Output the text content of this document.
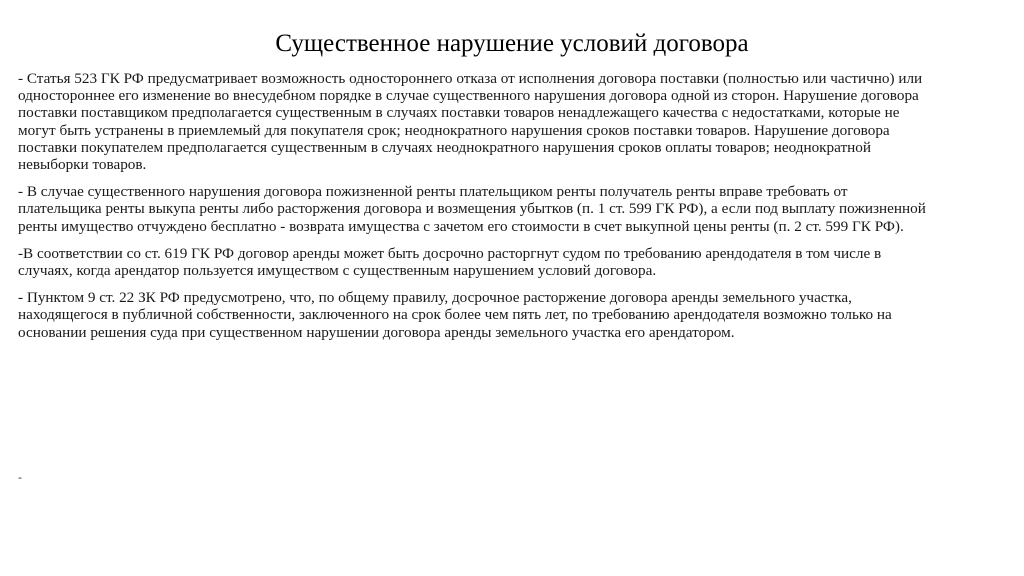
Существенное нарушение условий договора

- Статья 523 ГК РФ предусматривает возможность одностороннего отказа от исполнения договора поставки (полностью или частично) или одностороннее его изменение во внесудебном порядке в случае существенного нарушения договора одной из сторон. Нарушение договора поставки поставщиком предполагается существенным в случаях поставки товаров ненадлежащего качества с недостатками, которые не могут быть устранены в приемлемый для покупателя срок; неоднократного нарушения сроков поставки товаров. Нарушение договора поставки покупателем предполагается существенным в случаях неоднократного нарушения сроков оплаты товаров; неоднократной невыборки товаров.

- В случае существенного нарушения договора пожизненной ренты плательщиком ренты получатель ренты вправе требовать от плательщика ренты выкупа ренты либо расторжения договора и возмещения убытков (п. 1 ст. 599 ГК РФ), а если под выплату пожизненной ренты имущество отчуждено бесплатно - возврата имущества с зачетом его стоимости в счет выкупной цены ренты (п. 2 ст. 599 ГК РФ).

-В соответствии со ст. 619 ГК РФ договор аренды может быть досрочно расторгнут судом по требованию арендодателя в том числе в случаях, когда арендатор пользуется имуществом с существенным нарушением условий договора.

- Пунктом 9 ст. 22 ЗК РФ предусмотрено, что, по общему правилу, досрочное расторжение договора аренды земельного участка, находящегося в публичной собственности, заключенного на срок более чем пять лет, по требованию арендодателя возможно только на основании решения суда при существенном нарушении договора аренды земельного участка его арендатором.

-
